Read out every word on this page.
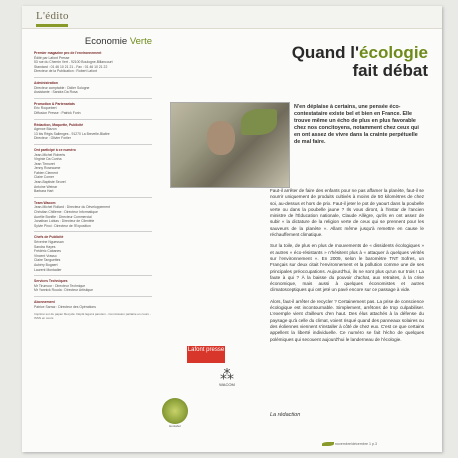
L'édito
Economie Verte
Premier magazine pro de l'environnement
Édité par Lafont Presse
53 rue du Chemin Vert - 92100 Boulogne-Billancourt
Standard : 01 46 10 21 21 - Fax : 01 46 10 21 22
Directeur de la Publication : Robert Lafont
Administration
Directeur comptable : Didier Sologne
Assistante : Sandra Da Rosa
Promotion & Partenariats
Eric Roquebert
Diffusion Presse : Patrick Forin
Rédaction, Maquette, Publicité
Agence Bizzon
13 bis Régis Sallenges - 91270 La Brevelle-Blaltre
Directeur : Olivier Fortier
Ont participé à ce numéro
Jean-Michel Roberts
Virginie Da Cunha
Jean Tirmoret
Jenny Roseaume
Fabien Clement
Claire Comer
Jean-Baptiste Seurel
Antoine Weinar
Barbara Hart
Team Wacom
Jean-Michel Rollard : Directeur du Développement
Christian Chilleme : Directeur Informatique
Aurélie Bonfite : Directeur Commercial
Jonathan Lobias : Directeur de Clientèle
Sylvie Pinoi : Directeur de l'Exposition
Chefs de Publicité
Séverine Nguessan
Sandra Hayes
Frédéric Cabanes
Vincent Vrasso
Claire Tanguettes
Aubéry Bogaert
Laurent Montadier
Services Techniques
Mr Tirumoor : Directeur Technique
Mr Yannick Rouda : Directeur Artistique
Abonnement
Patrice Sarraz : Directeur des Opérations
Imprimé sur du papier Recyclé. Dépôt légal à parution - Commission paritaire en cours - ISSN en cours
Lafont presse
⁂
WACOM
Ecolabel
Quand l'écologie
fait débat
N'en déplaise à certains, une pensée éco-contestataire existe bel et bien en France. Elle trouve même un écho de plus en plus favorable chez nos concitoyens, notamment chez ceux qui en ont assez de vivre dans la crainte perpétuelle de mal faire.

Faut-il arrêter de faire des enfants pour ne pas affamer la planète, faut-il se nourrir uniquement de produits cultivés à moins de 50 kilomètres de chez soi, au-dessus et hors de prix. Faut-il jeter le pot de yaourt dans la poubelle verte ou dans la poubelle jaune ? Ils vous diront, à l'instar de l'ancien ministre de l'Éducation nationale, Claude Allègre, qu'ils en ont assez de subir « la dictature de la religion verte de ceux qui se prennent pour les sauveurs de la planète ». Allant même jusqu'à remettre en cause le réchauffement climatique.

Sur la toile, de plus en plus de mouvements de « dissidents écologiques » et autres « éco-résistants » n'hésitent plus à « attaquer à quelques vérités sur l'environnement ». En 2009, selon le baromètre TNT Sofres, un Français sur deux citait l'environnement et la pollution comme une de ses principales préoccupations. Aujourd'hui, ils ne sont plus qu'un sur trois ! La faute à qui ? À la baisse du pouvoir d'achat, aux retraites, à la crise économique, mais aussi à quelques économistes et autres climatosceptiques qui ont jeté un pavé encore sur ce passage à vide.

Alors, faut-il arrêter de recycler ? Certainement pas. La prise de conscience écologique est incontournable. Simplement, arrêtons de trop culpabiliser. L'exemple vient d'ailleurs d'en haut. Des élus attachés à la défense du paysage qu'à celle du climat, voient risqué quand des panneaux solaires ou des éoliennes viennent s'installer à côté de chez eux. C'est ce que certains appellent la liberté individuelle. Ce numéro se fait l'écho de quelques polémiques qui secouent aujourd'hui le landerneau de l'écologie.

La rédaction
novembre/décembre 1 p.3
